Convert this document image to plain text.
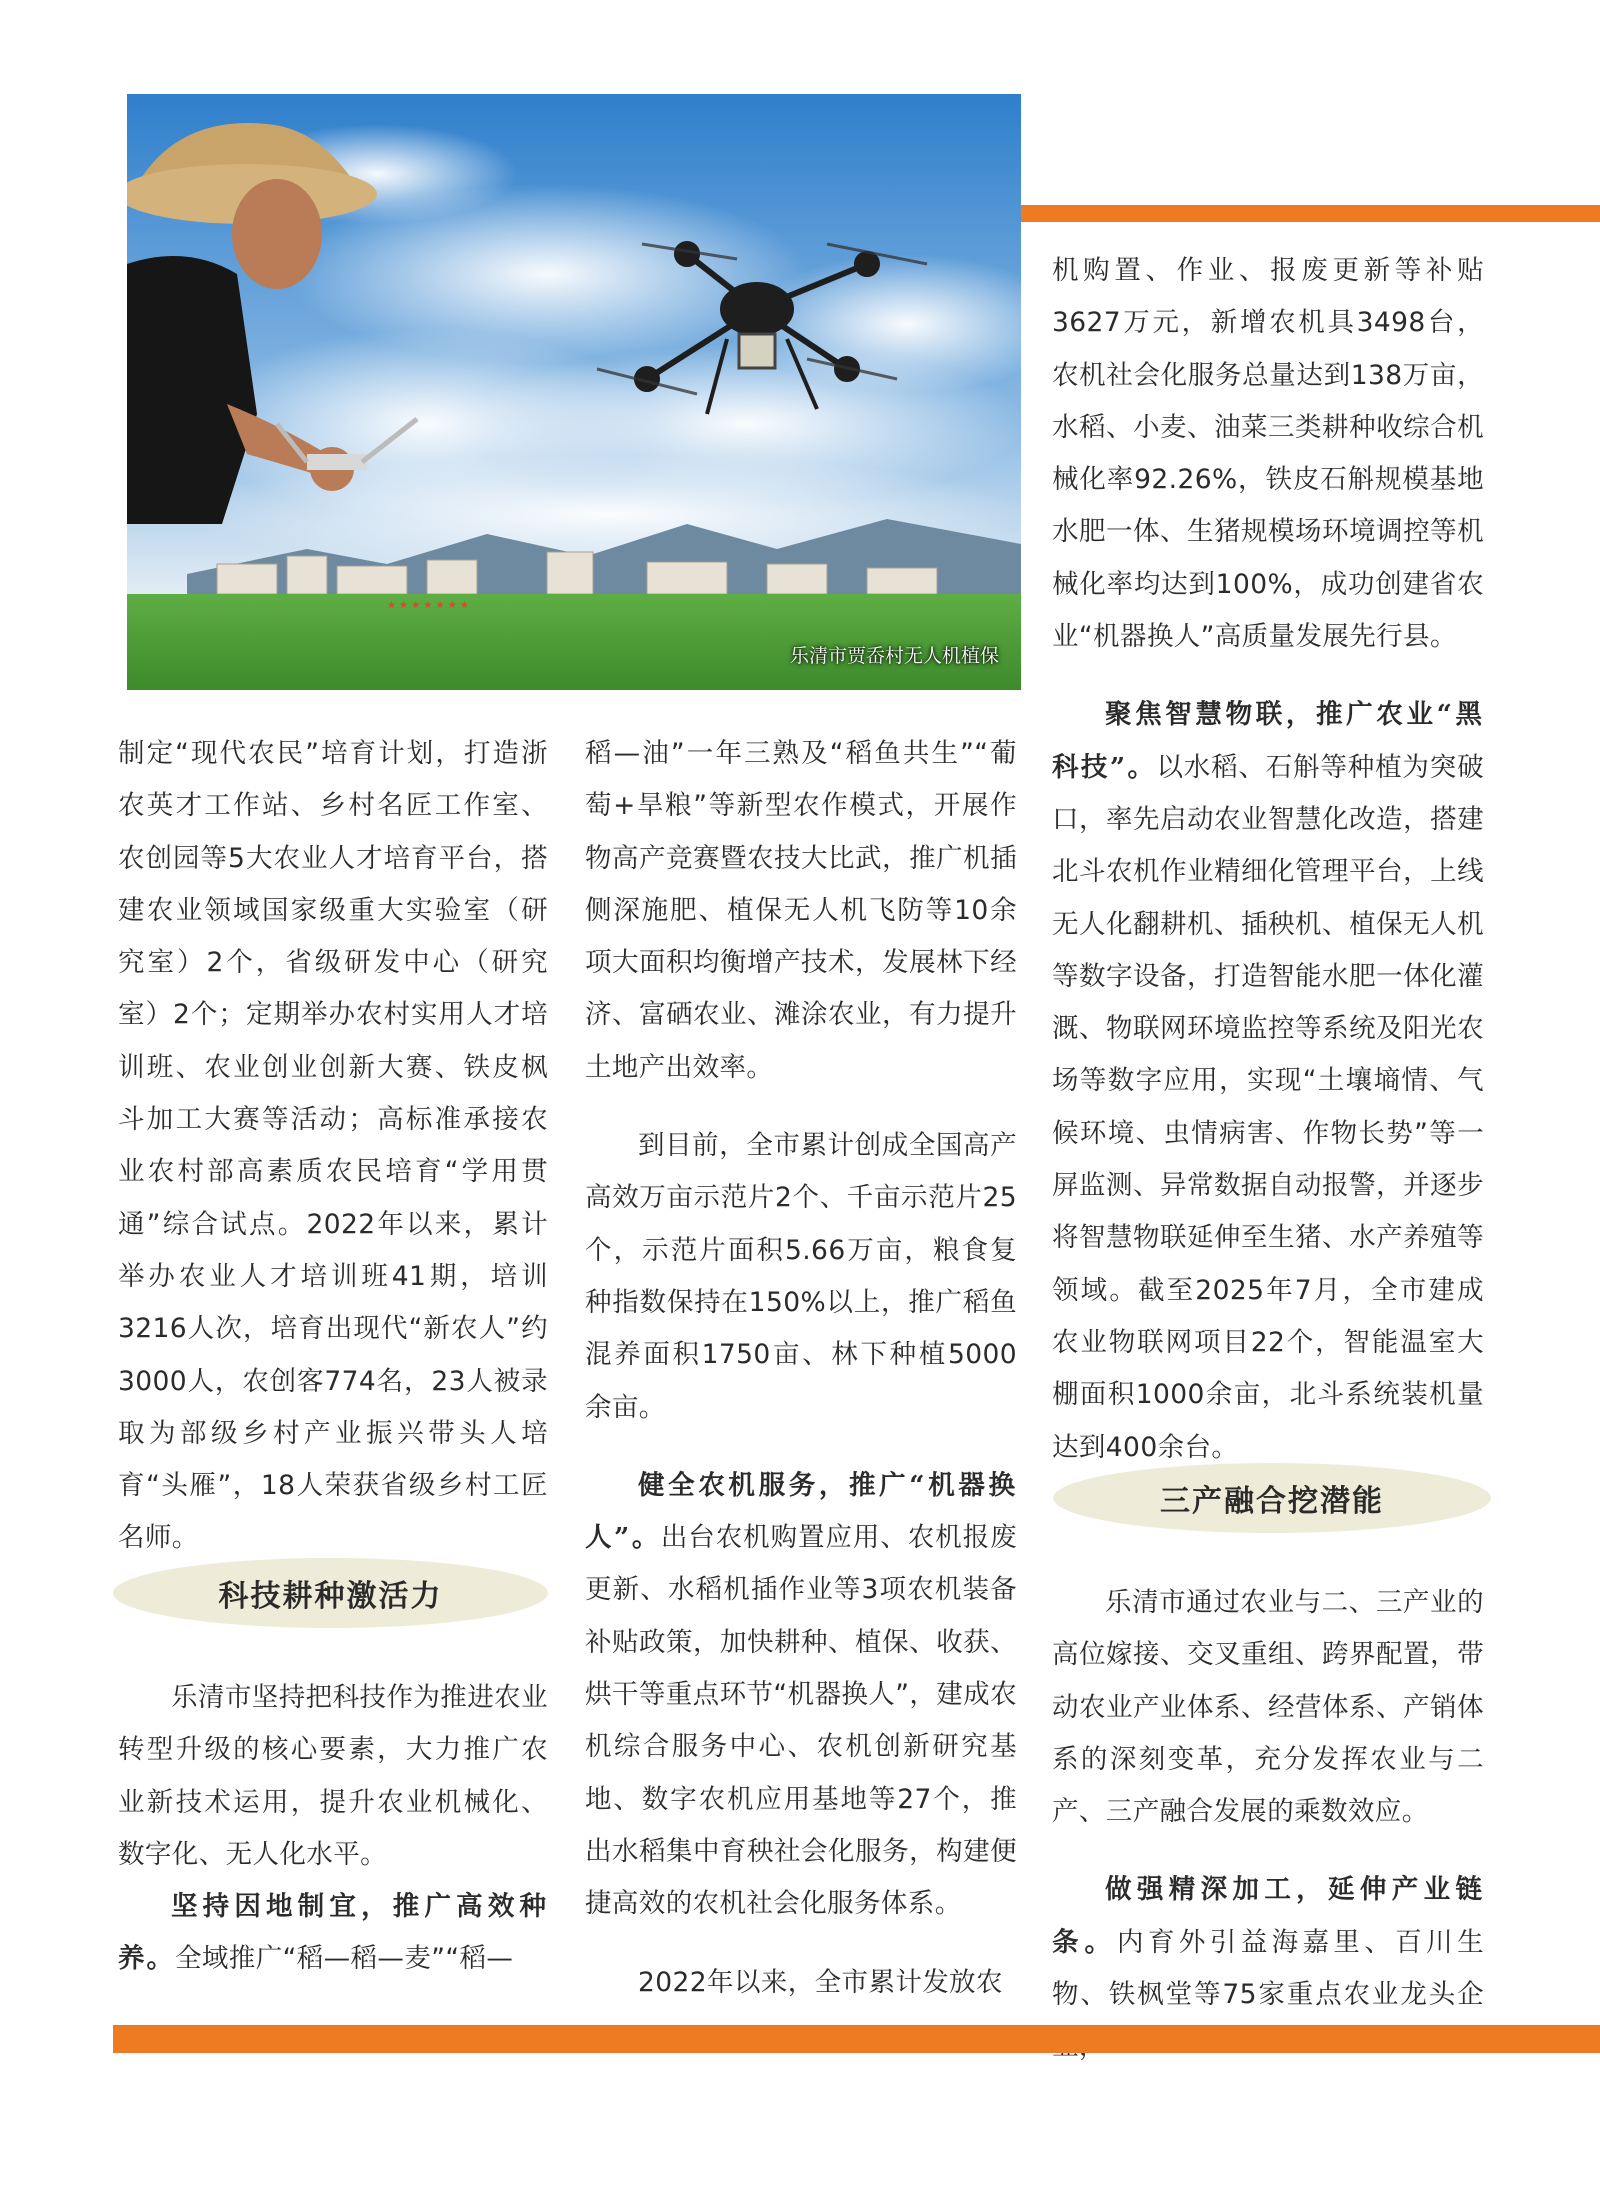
★ ★ ★ ★ ★ ★ ★
乐清市贾岙村无人机植保

制定“现代农民”培育计划，打造浙农英才工作站、乡村名匠工作室、农创园等5大农业人才培育平台，搭建农业领域国家级重大实验室（研究室）2个，省级研发中心（研究室）2个；定期举办农村实用人才培训班、农业创业创新大赛、铁皮枫斗加工大赛等活动；高标准承接农业农村部高素质农民培育“学用贯通”综合试点。2022年以来，累计举办农业人才培训班41期，培训3216人次，培育出现代“新农人”约3000人，农创客774名，23人被录取为部级乡村产业振兴带头人培育“头雁”，18人荣获省级乡村工匠名师。

科技耕种激活力

乐清市坚持把科技作为推进农业转型升级的核心要素，大力推广农业新技术运用，提升农业机械化、数字化、无人化水平。

坚持因地制宜，推广高效种养。全域推广“稻—稻—麦”“稻—

稻—油”一年三熟及“稻鱼共生”“葡萄+旱粮”等新型农作模式，开展作物高产竞赛暨农技大比武，推广机插侧深施肥、植保无人机飞防等10余项大面积均衡增产技术，发展林下经济、富硒农业、滩涂农业，有力提升土地产出效率。

到目前，全市累计创成全国高产高效万亩示范片2个、千亩示范片25个，示范片面积5.66万亩，粮食复种指数保持在150%以上，推广稻鱼混养面积1750亩、林下种植5000余亩。

健全农机服务，推广“机器换人”。出台农机购置应用、农机报废更新、水稻机插作业等3项农机装备补贴政策，加快耕种、植保、收获、烘干等重点环节“机器换人”，建成农机综合服务中心、农机创新研究基地、数字农机应用基地等27个，推出水稻集中育秧社会化服务，构建便捷高效的农机社会化服务体系。

2022年以来，全市累计发放农

机购置、作业、报废更新等补贴3627万元，新增农机具3498台，农机社会化服务总量达到138万亩，水稻、小麦、油菜三类耕种收综合机械化率92.26%，铁皮石斛规模基地水肥一体、生猪规模场环境调控等机械化率均达到100%，成功创建省农业“机器换人”高质量发展先行县。

聚焦智慧物联，推广农业“黑科技”。以水稻、石斛等种植为突破口，率先启动农业智慧化改造，搭建北斗农机作业精细化管理平台，上线无人化翻耕机、插秧机、植保无人机等数字设备，打造智能水肥一体化灌溉、物联网环境监控等系统及阳光农场等数字应用，实现“土壤墒情、气候环境、虫情病害、作物长势”等一屏监测、异常数据自动报警，并逐步将智慧物联延伸至生猪、水产养殖等领域。截至2025年7月，全市建成农业物联网项目22个，智能温室大棚面积1000余亩，北斗系统装机量达到400余台。

三产融合挖潜能

乐清市通过农业与二、三产业的高位嫁接、交叉重组、跨界配置，带动农业产业体系、经营体系、产销体系的深刻变革，充分发挥农业与二产、三产融合发展的乘数效应。

做强精深加工，延伸产业链条。内育外引益海嘉里、百川生物、铁枫堂等75家重点农业龙头企
